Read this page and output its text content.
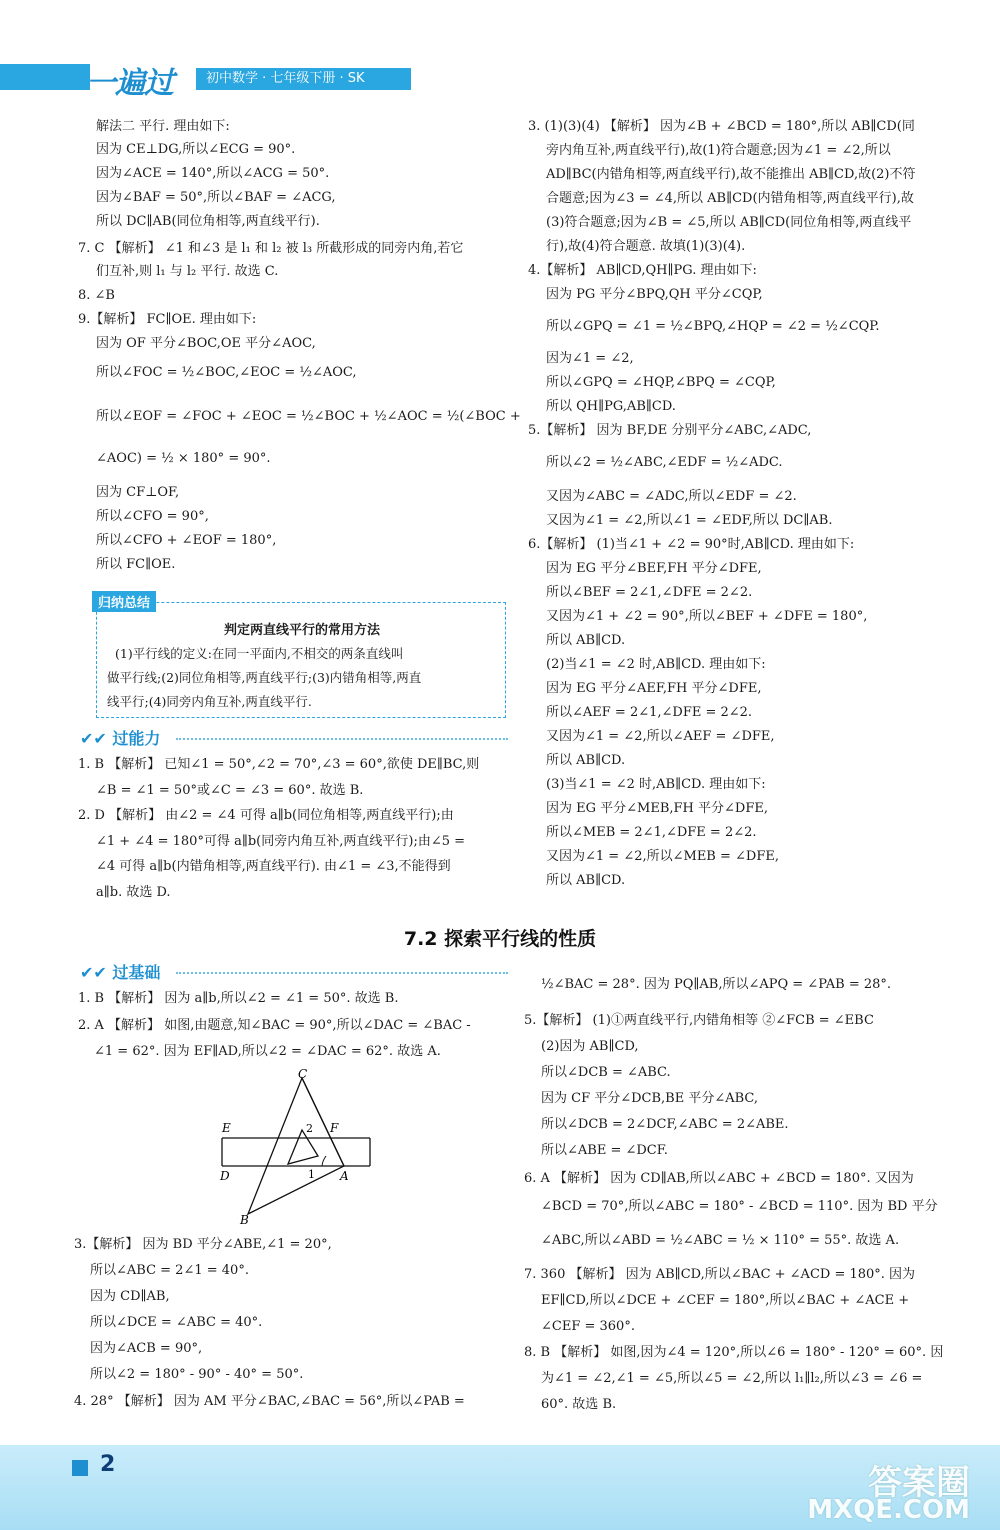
一遍过	初中数学 · 七年级下册 · SK
解法二 平行. 理由如下:
因为 CE⊥DG,所以∠ECG = 90°.
因为∠ACE = 140°,所以∠ACG = 50°.
因为∠BAF = 50°,所以∠BAF = ∠ACG,
所以 DC∥AB(同位角相等,两直线平行).
7. C 【解析】 ∠1 和∠3 是 l₁ 和 l₂ 被 l₃ 所截形成的同旁内角,若它
们互补,则 l₁ 与 l₂ 平行. 故选 C.
8. ∠B
9.【解析】 FC∥OE. 理由如下:
因为 OF 平分∠BOC,OE 平分∠AOC,
所以∠FOC = ½∠BOC,∠EOC = ½∠AOC,
所以∠EOF = ∠FOC + ∠EOC = ½∠BOC + ½∠AOC = ½(∠BOC +
∠AOC) = ½ × 180° = 90°.
因为 CF⊥OF,
所以∠CFO = 90°,
所以∠CFO + ∠EOF = 180°,
所以 FC∥OE.
判定两直线平行的常用方法
(1)平行线的定义:在同一平面内,不相交的两条直线叫
做平行线;(2)同位角相等,两直线平行;(3)内错角相等,两直
线平行;(4)同旁内角互补,两直线平行.
归纳总结
✔✔ 过能力
1. B 【解析】 已知∠1 = 50°,∠2 = 70°,∠3 = 60°,欲使 DE∥BC,则
∠B = ∠1 = 50°或∠C = ∠3 = 60°. 故选 B.
2. D 【解析】 由∠2 = ∠4 可得 a∥b(同位角相等,两直线平行);由
∠1 + ∠4 = 180°可得 a∥b(同旁内角互补,两直线平行);由∠5 =
∠4 可得 a∥b(内错角相等,两直线平行). 由∠1 = ∠3,不能得到
a∥b. 故选 D.
3. (1)(3)(4) 【解析】 因为∠B + ∠BCD = 180°,所以 AB∥CD(同
旁内角互补,两直线平行),故(1)符合题意;因为∠1 = ∠2,所以
AD∥BC(内错角相等,两直线平行),故不能推出 AB∥CD,故(2)不符
合题意;因为∠3 = ∠4,所以 AB∥CD(内错角相等,两直线平行),故
(3)符合题意;因为∠B = ∠5,所以 AB∥CD(同位角相等,两直线平
行),故(4)符合题意. 故填(1)(3)(4).
4.【解析】 AB∥CD,QH∥PG. 理由如下:
因为 PG 平分∠BPQ,QH 平分∠CQP,
所以∠GPQ = ∠1 = ½∠BPQ,∠HQP = ∠2 = ½∠CQP.
因为∠1 = ∠2,
所以∠GPQ = ∠HQP,∠BPQ = ∠CQP,
所以 QH∥PG,AB∥CD.
5.【解析】 因为 BF,DE 分别平分∠ABC,∠ADC,
所以∠2 = ½∠ABC,∠EDF = ½∠ADC.
又因为∠ABC = ∠ADC,所以∠EDF = ∠2.
又因为∠1 = ∠2,所以∠1 = ∠EDF,所以 DC∥AB.
6.【解析】 (1)当∠1 + ∠2 = 90°时,AB∥CD. 理由如下:
因为 EG 平分∠BEF,FH 平分∠DFE,
所以∠BEF = 2∠1,∠DFE = 2∠2.
又因为∠1 + ∠2 = 90°,所以∠BEF + ∠DFE = 180°,
所以 AB∥CD.
(2)当∠1 = ∠2 时,AB∥CD. 理由如下:
因为 EG 平分∠AEF,FH 平分∠DFE,
所以∠AEF = 2∠1,∠DFE = 2∠2.
又因为∠1 = ∠2,所以∠AEF = ∠DFE,
所以 AB∥CD.
(3)当∠1 = ∠2 时,AB∥CD. 理由如下:
因为 EG 平分∠MEB,FH 平分∠DFE,
所以∠MEB = 2∠1,∠DFE = 2∠2.
又因为∠1 = ∠2,所以∠MEB = ∠DFE,
所以 AB∥CD.
7.2 探索平行线的性质
✔✔ 过基础
1. B 【解析】 因为 a∥b,所以∠2 = ∠1 = 50°. 故选 B.
2. A 【解析】 如图,由题意,知∠BAC = 90°,所以∠DAC = ∠BAC -
∠1 = 62°. 因为 EF∥AD,所以∠2 = ∠DAC = 62°. 故选 A.
C
E	F
D	A
B
2
1
3.【解析】 因为 BD 平分∠ABE,∠1 = 20°,
所以∠ABC = 2∠1 = 40°.
因为 CD∥AB,
所以∠DCE = ∠ABC = 40°.
因为∠ACB = 90°,
所以∠2 = 180° - 90° - 40° = 50°.
4. 28° 【解析】 因为 AM 平分∠BAC,∠BAC = 56°,所以∠PAB =
½∠BAC = 28°. 因为 PQ∥AB,所以∠APQ = ∠PAB = 28°.
5.【解析】 (1)①两直线平行,内错角相等 ②∠FCB = ∠EBC
(2)因为 AB∥CD,
所以∠DCB = ∠ABC.
因为 CF 平分∠DCB,BE 平分∠ABC,
所以∠DCB = 2∠DCF,∠ABC = 2∠ABE.
所以∠ABE = ∠DCF.
6. A 【解析】 因为 CD∥AB,所以∠ABC + ∠BCD = 180°. 又因为
∠BCD = 70°,所以∠ABC = 180° - ∠BCD = 110°. 因为 BD 平分
∠ABC,所以∠ABD = ½∠ABC = ½ × 110° = 55°. 故选 A.
7. 360 【解析】 因为 AB∥CD,所以∠BAC + ∠ACD = 180°. 因为
EF∥CD,所以∠DCE + ∠CEF = 180°,所以∠BAC + ∠ACE +
∠CEF = 360°.
8. B 【解析】 如图,因为∠4 = 120°,所以∠6 = 180° - 120° = 60°. 因
为∠1 = ∠2,∠1 = ∠5,所以∠5 = ∠2,所以 l₁∥l₂,所以∠3 = ∠6 =
60°. 故选 B.
2	答案圈
MXQE.COM
